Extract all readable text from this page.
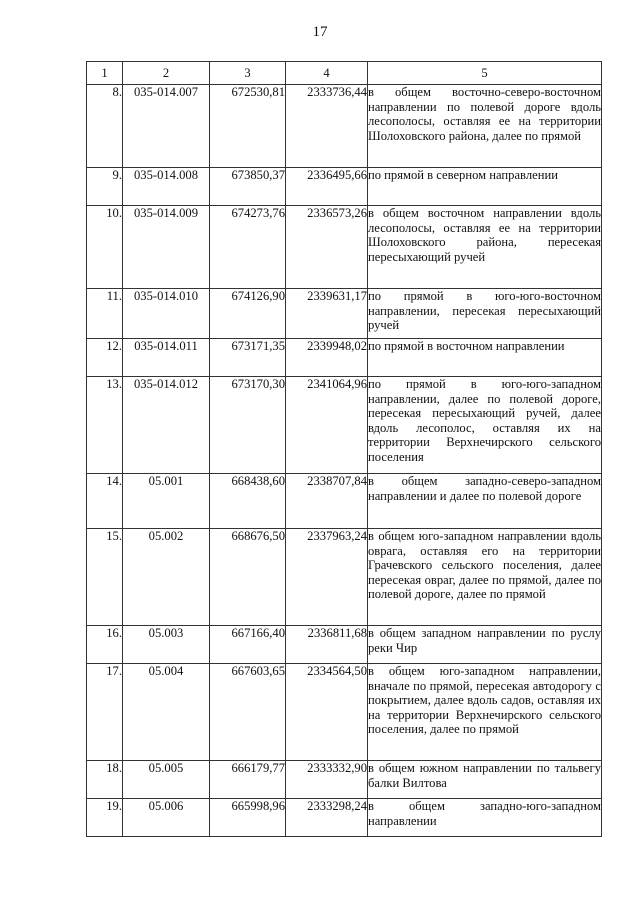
17
1	2	3	4	5
8.	035-014.007	672530,81	2333736,44	в общем восточно-северо-восточном направлении по полевой дороге вдоль лесополосы, оставляя ее на территории Шолоховского района, далее по прямой
9.	035-014.008	673850,37	2336495,66	по прямой в северном направлении
10.	035-014.009	674273,76	2336573,26	в общем восточном направлении вдоль лесополосы, оставляя ее на территории Шолоховского района, пересекая пересыхающий ручей
11.	035-014.010	674126,90	2339631,17	по прямой в юго-юго-восточном направлении, пересекая пересыхающий ручей
12.	035-014.011	673171,35	2339948,02	по прямой в восточном направлении
13.	035-014.012	673170,30	2341064,96	по прямой в юго-юго-западном направлении, далее по полевой дороге, пересекая пересыхающий ручей, далее вдоль лесополос, оставляя их на территории Верхнечирского сельского поселения
14.	05.001	668438,60	2338707,84	в общем западно-северо-западном направлении и далее по полевой дороге
15.	05.002	668676,50	2337963,24	в общем юго-западном направлении вдоль оврага, оставляя его на территории Грачевского сельского поселения, далее пересекая овраг, далее по прямой, далее по полевой дороге, далее по прямой
16.	05.003	667166,40	2336811,68	в общем западном направлении по руслу реки Чир
17.	05.004	667603,65	2334564,50	в общем юго-западном направлении, вначале по прямой, пересекая автодорогу с покрытием, далее вдоль садов, оставляя их на территории Верхнечирского сельского поселения, далее по прямой
18.	05.005	666179,77	2333332,90	в общем южном направлении по тальвегу балки Вилтова
19.	05.006	665998,96	2333298,24	в общем западно-юго-западном направлении
